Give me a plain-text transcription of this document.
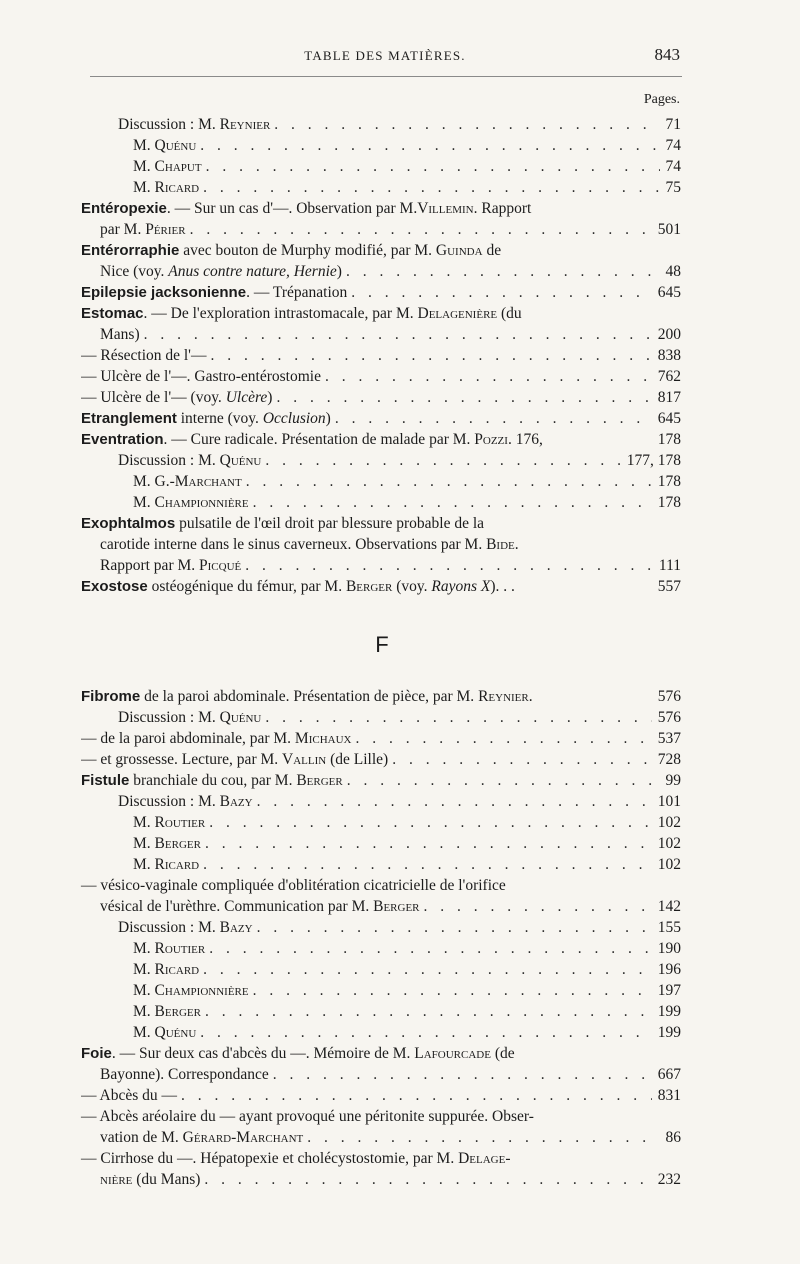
TABLE DES MATIÈRES.	843
Pages.
Discussion : M. Reynier . . .	71
M. Quénu . . .	74
M. Chaput . . .	74
M. Ricard . . .	75
Entéropexie. — Sur un cas d'—. Observation par M.Villemin. Rapport
par M. Périer . . .	501
Entérorraphie avec bouton de Murphy modifié, par M. Guinda de
Nice (voy. Anus contre nature, Hernie) . . .	48
Epilepsie jacksonienne. — Trépanation . . .	645
Estomac. — De l'exploration intrastomacale, par M. Delagenière (du
Mans) . . .	200
— Résection de l'— . . .	838
— Ulcère de l'—. Gastro-entérostomie . . .	762
— Ulcère de l'— (voy. Ulcère) . . .	817
Etranglement interne (voy. Occlusion) . . .	645
Eventration. — Cure radicale. Présentation de malade par M. Pozzi. 176,	178
Discussion : M. Quénu . . .	177, 178
M. G.-Marchant . . .	178
M. Championnière . . .	178
Exophtalmos pulsatile de l'œil droit par blessure probable de la
carotide interne dans le sinus caverneux. Observations par M. Bide.
Rapport par M. Picqué . . .	111
Exostose ostéogénique du fémur, par M. Berger (voy. Rayons X). . .	557
F
Fibrome de la paroi abdominale. Présentation de pièce, par M. Reynier.	576
Discussion : M. Quénu . . .	576
— de la paroi abdominale, par M. Michaux . . .	537
— et grossesse. Lecture, par M. Vallin (de Lille) . . .	728
Fistule branchiale du cou, par M. Berger . . .	99
Discussion : M. Bazy . . .	101
M. Routier . . .	102
M. Berger . . .	102
M. Ricard . . .	102
— vésico-vaginale compliquée d'oblitération cicatricielle de l'orifice
vésical de l'urèthre. Communication par M. Berger . . .	142
Discussion : M. Bazy . . .	155
M. Routier . . .	190
M. Ricard . . .	196
M. Championnière . . .	197
M. Berger . . .	199
M. Quénu . . .	199
Foie. — Sur deux cas d'abcès du —. Mémoire de M. Lafourcade (de
Bayonne). Correspondance . . .	667
— Abcès du — . . .	831
— Abcès aréolaire du — ayant provoqué une péritonite suppurée. Obser-
vation de M. Gérard-Marchant . . .	86
— Cirrhose du —. Hépatopexie et cholécystostomie, par M. Delage-
nière (du Mans) . . .	232
